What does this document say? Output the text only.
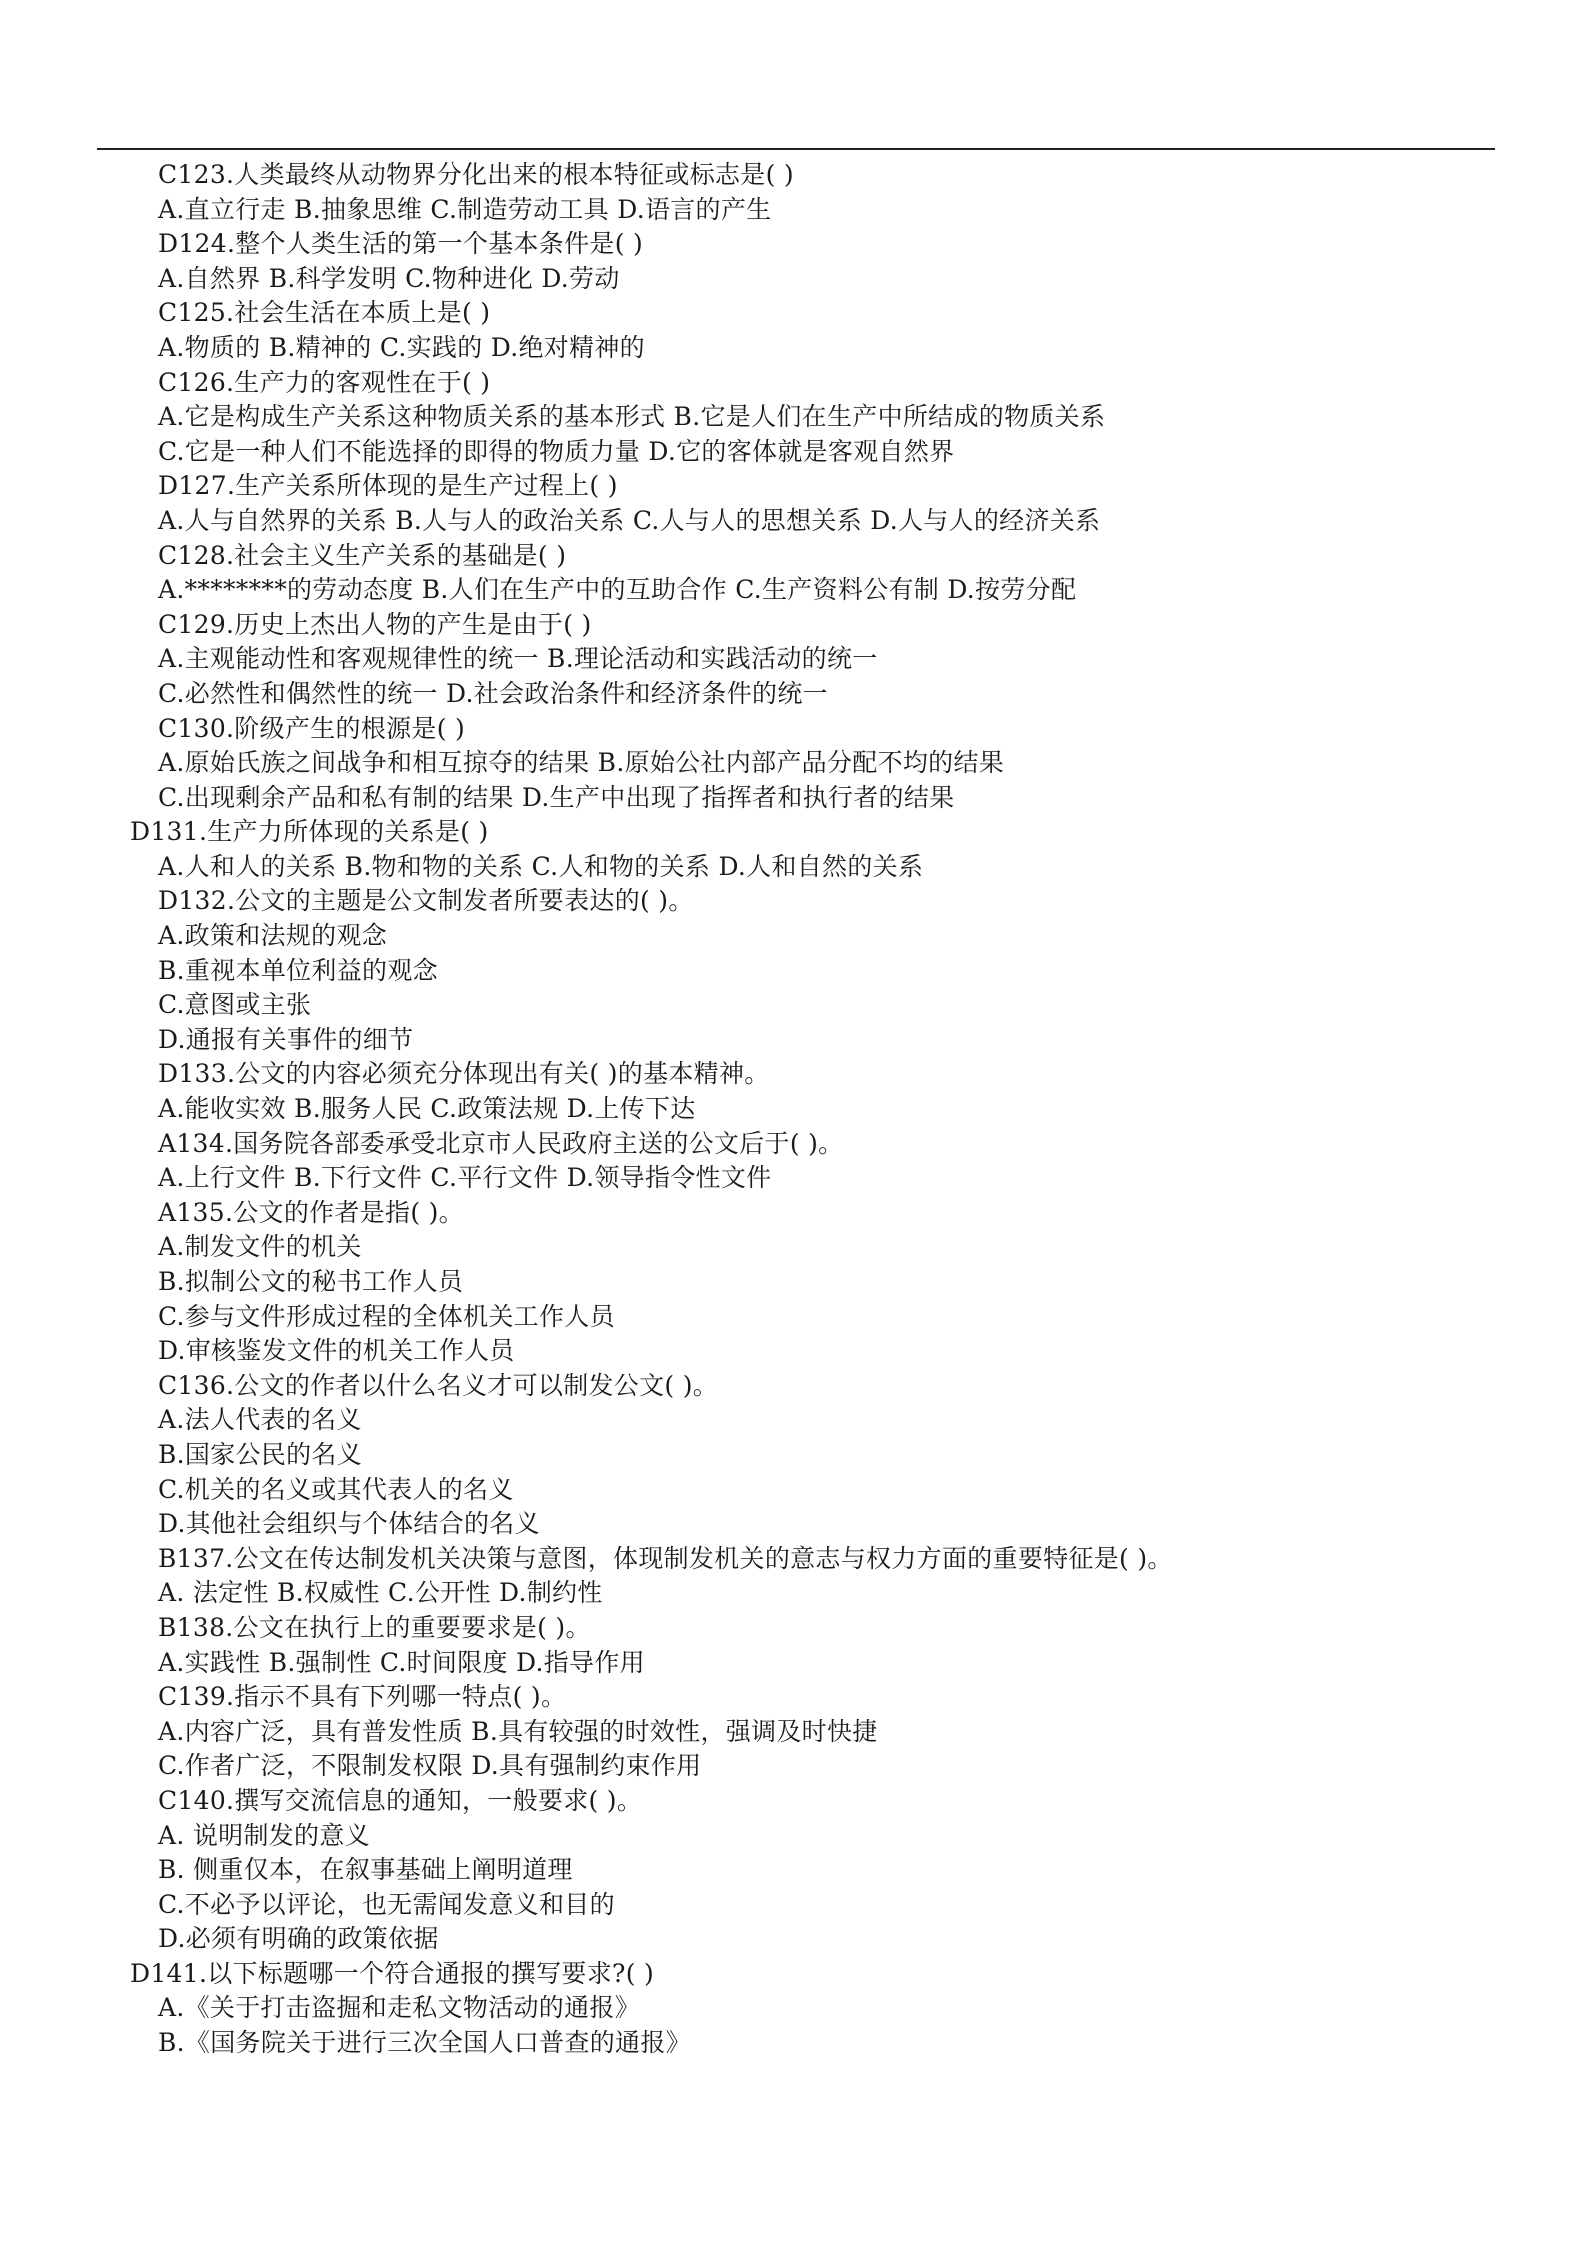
C123.人类最终从动物界分化出来的根本特征或标志是( )
A.直立行走 B.抽象思维 C.制造劳动工具 D.语言的产生
D124.整个人类生活的第一个基本条件是( )
A.自然界 B.科学发明 C.物种进化 D.劳动
C125.社会生活在本质上是( )
A.物质的 B.精神的 C.实践的 D.绝对精神的
C126.生产力的客观性在于( )
A.它是构成生产关系这种物质关系的基本形式 B.它是人们在生产中所结成的物质关系
C.它是一种人们不能选择的即得的物质力量 D.它的客体就是客观自然界
D127.生产关系所体现的是生产过程上( )
A.人与自然界的关系 B.人与人的政治关系 C.人与人的思想关系 D.人与人的经济关系
C128.社会主义生产关系的基础是( )
A.********的劳动态度 B.人们在生产中的互助合作 C.生产资料公有制 D.按劳分配
C129.历史上杰出人物的产生是由于( )
A.主观能动性和客观规律性的统一 B.理论活动和实践活动的统一
C.必然性和偶然性的统一 D.社会政治条件和经济条件的统一
C130.阶级产生的根源是( )
A.原始氏族之间战争和相互掠夺的结果 B.原始公社内部产品分配不均的结果
C.出现剩余产品和私有制的结果 D.生产中出现了指挥者和执行者的结果
D131.生产力所体现的关系是( )
A.人和人的关系 B.物和物的关系 C.人和物的关系 D.人和自然的关系
D132.公文的主题是公文制发者所要表达的( )。
A.政策和法规的观念
B.重视本单位利益的观念
C.意图或主张
D.通报有关事件的细节
D133.公文的内容必须充分体现出有关( )的基本精神。
A.能收实效 B.服务人民 C.政策法规 D.上传下达
A134.国务院各部委承受北京市人民政府主送的公文后于( )。
A.上行文件 B.下行文件 C.平行文件 D.领导指令性文件
A135.公文的作者是指( )。
A.制发文件的机关
B.拟制公文的秘书工作人员
C.参与文件形成过程的全体机关工作人员
D.审核鉴发文件的机关工作人员
C136.公文的作者以什么名义才可以制发公文( )。
A.法人代表的名义
B.国家公民的名义
C.机关的名义或其代表人的名义
D.其他社会组织与个体结合的名义
B137.公文在传达制发机关决策与意图，体现制发机关的意志与权力方面的重要特征是( )。
A. 法定性 B.权威性 C.公开性 D.制约性
B138.公文在执行上的重要要求是( )。
A.实践性 B.强制性 C.时间限度 D.指导作用
C139.指示不具有下列哪一特点( )。
A.内容广泛，具有普发性质 B.具有较强的时效性，强调及时快捷
C.作者广泛，不限制发权限 D.具有强制约束作用
C140.撰写交流信息的通知，一般要求( )。
A. 说明制发的意义
B. 侧重仅本，在叙事基础上阐明道理
C.不必予以评论，也无需闻发意义和目的
D.必须有明确的政策依据
D141.以下标题哪一个符合通报的撰写要求?( )
A.《关于打击盗掘和走私文物活动的通报》
B.《国务院关于进行三次全国人口普查的通报》
